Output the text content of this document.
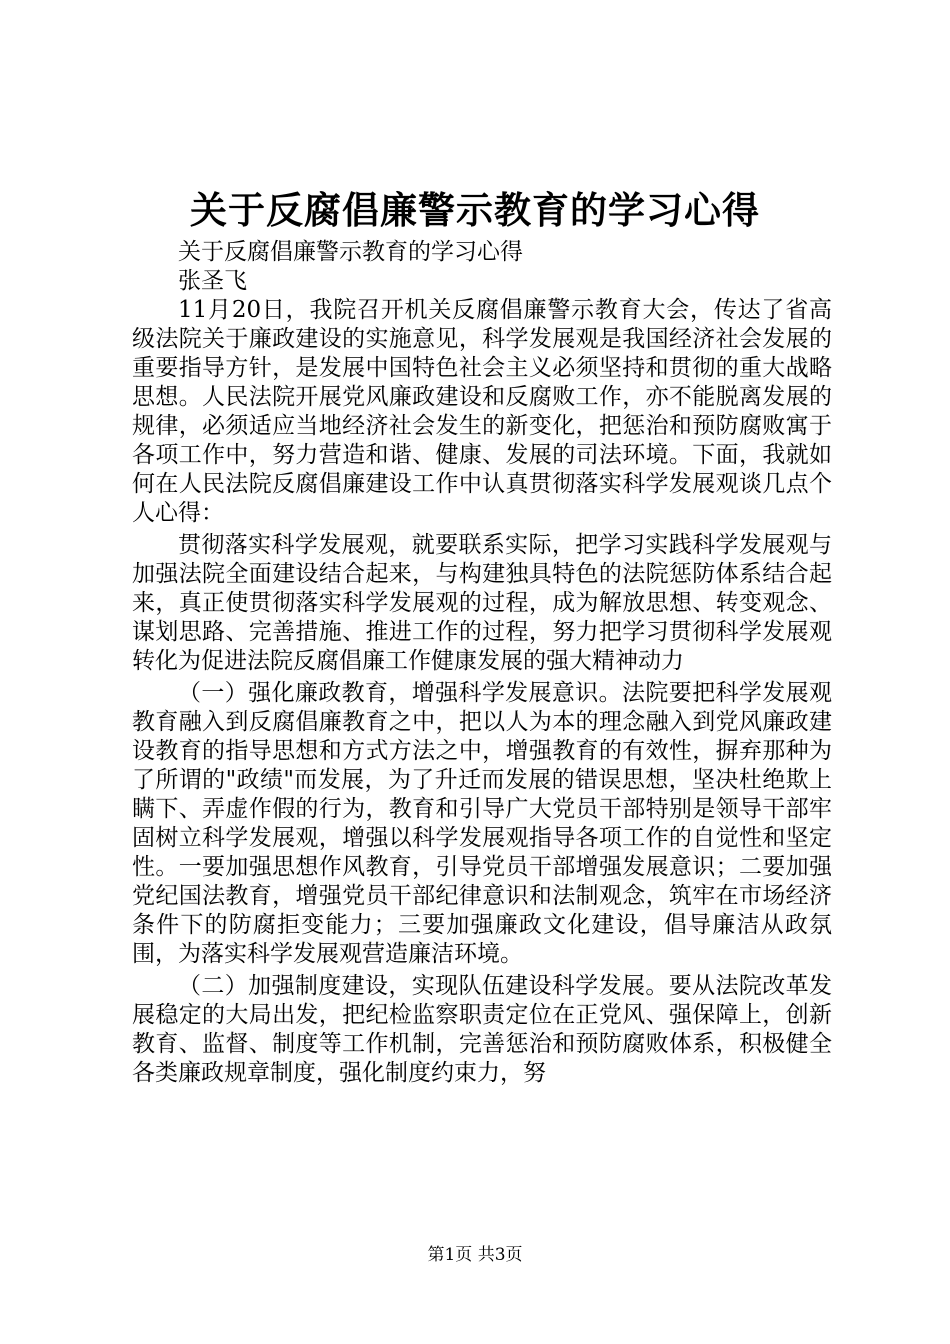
关于反腐倡廉警示教育的学习心得

关于反腐倡廉警示教育的学习心得

张圣飞

11月20日，我院召开机关反腐倡廉警示教育大会，传达了省高级法院关于廉政建设的实施意见，科学发展观是我国经济社会发展的重要指导方针，是发展中国特色社会主义必须坚持和贯彻的重大战略思想。人民法院开展党风廉政建设和反腐败工作，亦不能脱离发展的规律，必须适应当地经济社会发生的新变化，把惩治和预防腐败寓于各项工作中，努力营造和谐、健康、发展的司法环境。下面，我就如何在人民法院反腐倡廉建设工作中认真贯彻落实科学发展观谈几点个人心得：

贯彻落实科学发展观，就要联系实际，把学习实践科学发展观与加强法院全面建设结合起来，与构建独具特色的法院惩防体系结合起来，真正使贯彻落实科学发展观的过程，成为解放思想、转变观念、谋划思路、完善措施、推进工作的过程，努力把学习贯彻科学发展观转化为促进法院反腐倡廉工作健康发展的强大精神动力

（一）强化廉政教育，增强科学发展意识。法院要把科学发展观教育融入到反腐倡廉教育之中，把以人为本的理念融入到党风廉政建设教育的指导思想和方式方法之中，增强教育的有效性，摒弃那种为了所谓的"政绩"而发展，为了升迁而发展的错误思想，坚决杜绝欺上瞒下、弄虚作假的行为，教育和引导广大党员干部特别是领导干部牢固树立科学发展观，增强以科学发展观指导各项工作的自觉性和坚定性。一要加强思想作风教育，引导党员干部增强发展意识；二要加强党纪国法教育，增强党员干部纪律意识和法制观念，筑牢在市场经济条件下的防腐拒变能力；三要加强廉政文化建设，倡导廉洁从政氛围，为落实科学发展观营造廉洁环境。

（二）加强制度建设，实现队伍建设科学发展。要从法院改革发展稳定的大局出发，把纪检监察职责定位在正党风、强保障上，创新教育、监督、制度等工作机制，完善惩治和预防腐败体系，积极健全各类廉政规章制度，强化制度约束力，努

第1页 共3页
